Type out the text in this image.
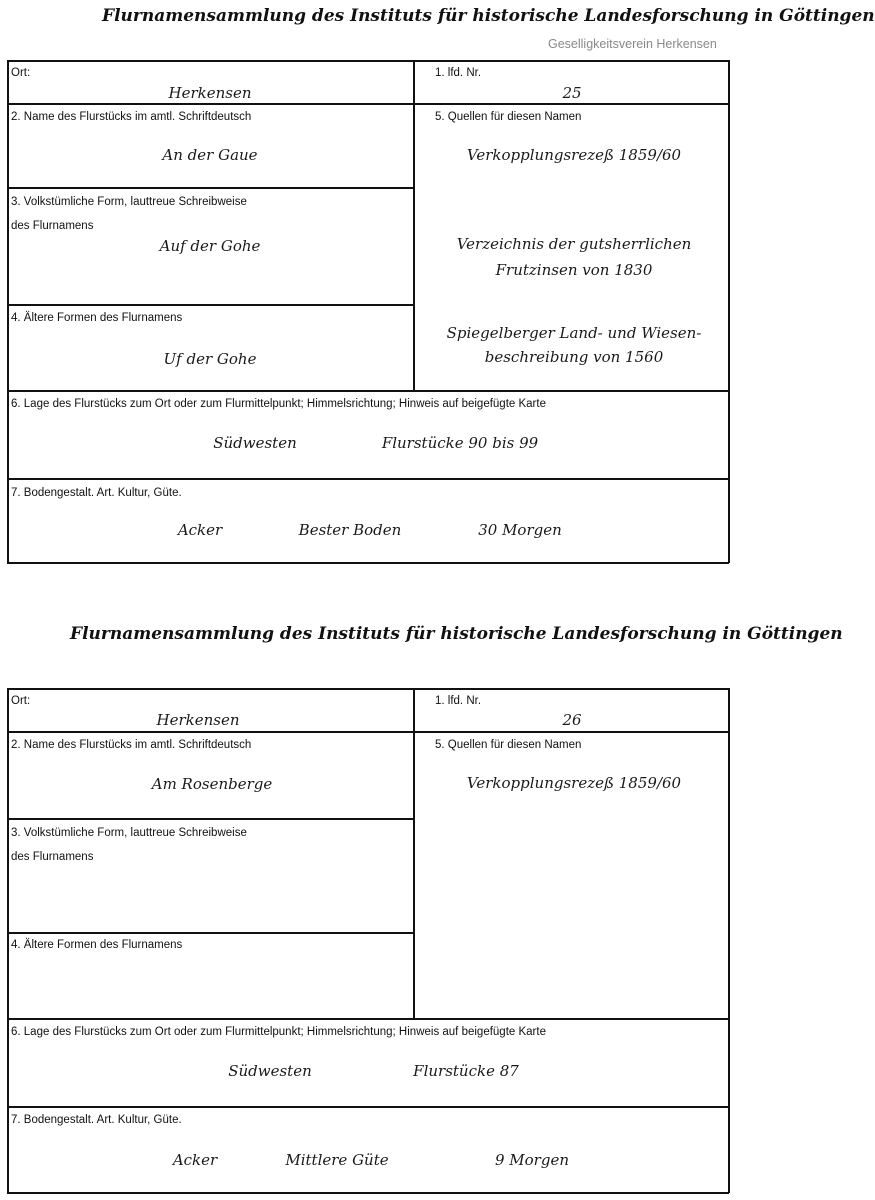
Flurnamensammlung des Instituts für historische Landesforschung in Göttingen
Geselligkeitsverein Herkensen
Ort:
Herkensen
1. lfd. Nr.
25
2. Name des Flurstücks im amtl. Schriftdeutsch
An der Gaue
5. Quellen für diesen Namen
Verkopplungsrezeß 1859/60
Verzeichnis der gutsherrlichen
Frutzinsen von 1830
Spiegelberger Land- und Wiesen-
beschreibung von 1560
3. Volkstümliche Form, lauttreue Schreibweise
des Flurnamens
Auf der Gohe
4. Ältere Formen des Flurnamens
Uf der Gohe
6. Lage des Flurstücks zum Ort oder zum Flurmittelpunkt; Himmelsrichtung; Hinweis auf beigefügte Karte
Südwesten	Flurstücke 90 bis 99
7. Bodengestalt. Art. Kultur, Güte.
Acker	Bester Boden	30 Morgen
Flurnamensammlung des Instituts für historische Landesforschung in Göttingen
Ort:
Herkensen
1. lfd. Nr.
26
2. Name des Flurstücks im amtl. Schriftdeutsch
Am Rosenberge
5. Quellen für diesen Namen
Verkopplungsrezeß 1859/60
3. Volkstümliche Form, lauttreue Schreibweise
des Flurnamens
4. Ältere Formen des Flurnamens
6. Lage des Flurstücks zum Ort oder zum Flurmittelpunkt; Himmelsrichtung; Hinweis auf beigefügte Karte
Südwesten	Flurstücke 87
7. Bodengestalt. Art. Kultur, Güte.
Acker	Mittlere Güte	9 Morgen
